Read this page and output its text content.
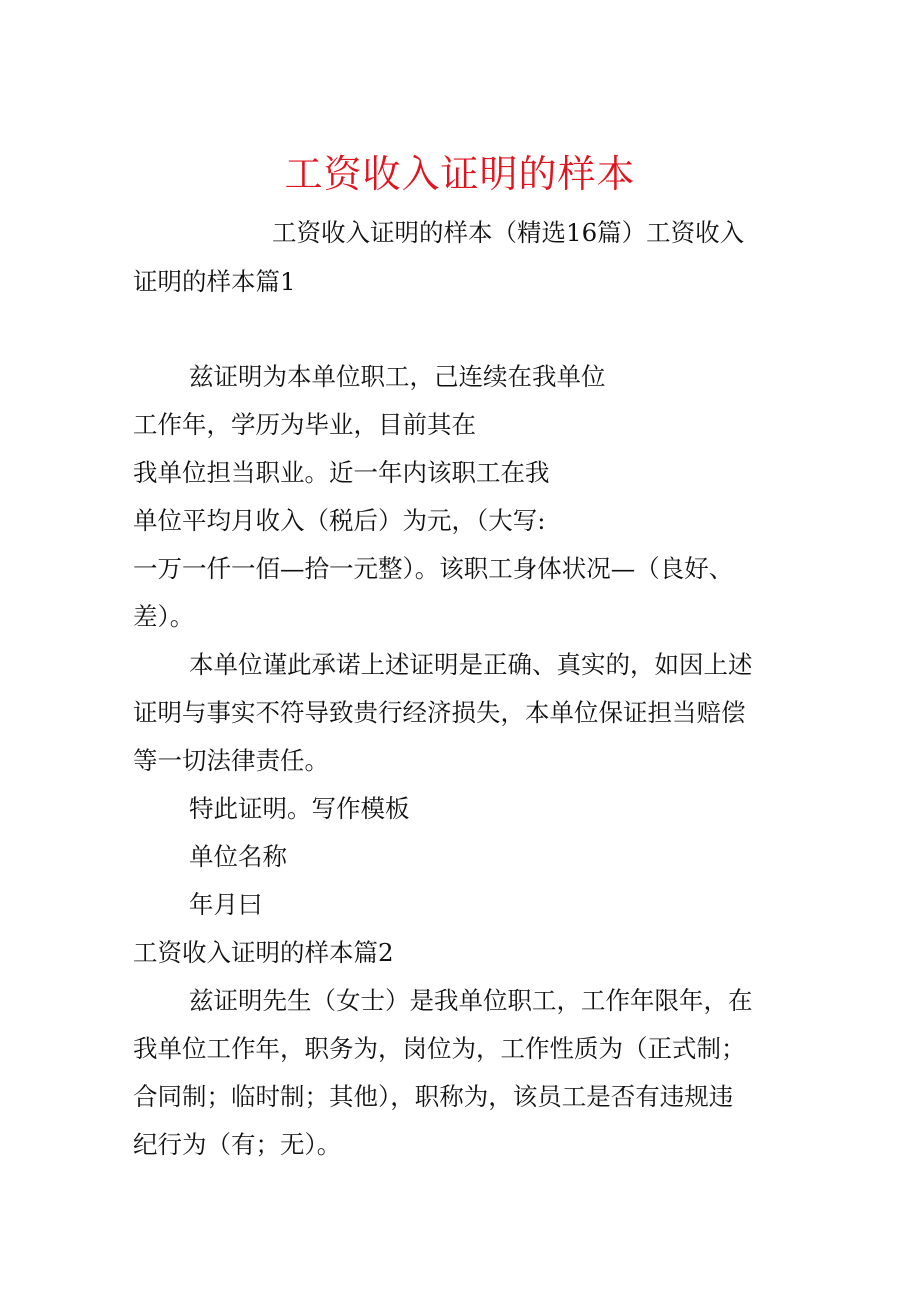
工资收入证明的样本
工资收入证明的样本（精选16篇）工资收入
证明的样本篇1
兹证明为本单位职工，己连续在我单位
工作年，学历为毕业，目前其在
我单位担当职业。近一年内该职工在我
单位平均月收入（税后）为元，（大写:
一万一仟一佰—拾一元整）。该职工身体状况—（良好、
差）。
本单位谨此承诺上述证明是正确、真实的，如因上述
证明与事实不符导致贵行经济损失，本单位保证担当赔偿
等一切法律责任。
特此证明。写作模板
单位名称
年月曰
工资收入证明的样本篇2
兹证明先生（女士）是我单位职工，工作年限年，在
我单位工作年，职务为，岗位为，工作性质为（正式制；
合同制；临时制；其他），职称为，该员工是否有违规违
纪行为（有；无）。
